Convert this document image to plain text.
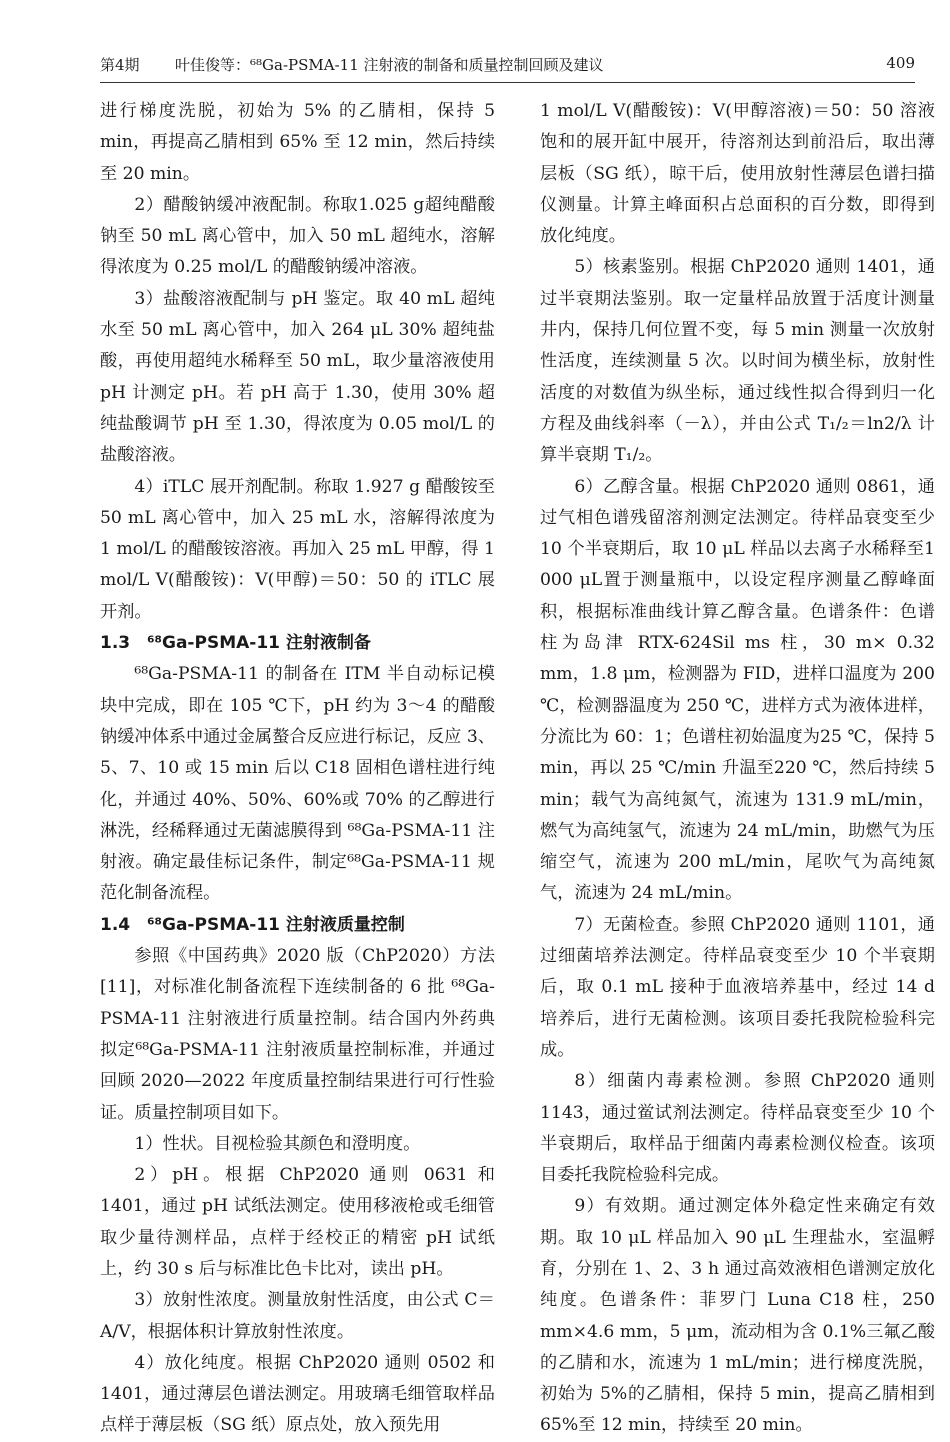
第4期 叶佳俊等：⁶⁸Ga-PSMA-11 注射液的制备和质量控制回顾及建议	409

进行梯度洗脱，初始为 5% 的乙腈相，保持 5 min，再提高乙腈相到 65% 至 12 min，然后持续至 20 min。

2）醋酸钠缓冲液配制。称取1.025 g超纯醋酸钠至 50 mL 离心管中，加入 50 mL 超纯水，溶解得浓度为 0.25 mol/L 的醋酸钠缓冲溶液。

3）盐酸溶液配制与 pH 鉴定。取 40 mL 超纯水至 50 mL 离心管中，加入 264 μL 30% 超纯盐酸，再使用超纯水稀释至 50 mL，取少量溶液使用 pH 计测定 pH。若 pH 高于 1.30，使用 30% 超纯盐酸调节 pH 至 1.30，得浓度为 0.05 mol/L 的盐酸溶液。

4）iTLC 展开剂配制。称取 1.927 g 醋酸铵至 50 mL 离心管中，加入 25 mL 水，溶解得浓度为 1 mol/L 的醋酸铵溶液。再加入 25 mL 甲醇，得 1 mol/L V(醋酸铵)：V(甲醇)＝50：50 的 iTLC 展开剂。

1.3　⁶⁸Ga-PSMA-11 注射液制备

⁶⁸Ga-PSMA-11 的制备在 ITM 半自动标记模块中完成，即在 105 ℃下，pH 约为 3～4 的醋酸钠缓冲体系中通过金属螯合反应进行标记，反应 3、5、7、10 或 15 min 后以 C18 固相色谱柱进行纯化，并通过 40%、50%、60%或 70% 的乙醇进行淋洗，经稀释通过无菌滤膜得到 ⁶⁸Ga-PSMA-11 注射液。确定最佳标记条件，制定⁶⁸Ga-PSMA-11 规范化制备流程。

1.4　⁶⁸Ga-PSMA-11 注射液质量控制

参照《中国药典》2020 版（ChP2020）方法[11]，对标准化制备流程下连续制备的 6 批 ⁶⁸Ga-PSMA-11 注射液进行质量控制。结合国内外药典拟定⁶⁸Ga-PSMA-11 注射液质量控制标准，并通过回顾 2020—2022 年度质量控制结果进行可行性验证。质量控制项目如下。

1）性状。目视检验其颜色和澄明度。

2）pH。根据 ChP2020 通则 0631 和 1401，通过 pH 试纸法测定。使用移液枪或毛细管取少量待测样品，点样于经校正的精密 pH 试纸上，约 30 s 后与标准比色卡比对，读出 pH。

3）放射性浓度。测量放射性活度，由公式 C＝A/V，根据体积计算放射性浓度。

4）放化纯度。根据 ChP2020 通则 0502 和 1401，通过薄层色谱法测定。用玻璃毛细管取样品点样于薄层板（SG 纸）原点处，放入预先用

1 mol/L V(醋酸铵)：V(甲醇溶液)＝50：50 溶液饱和的展开缸中展开，待溶剂达到前沿后，取出薄层板（SG 纸），晾干后，使用放射性薄层色谱扫描仪测量。计算主峰面积占总面积的百分数，即得到放化纯度。

5）核素鉴别。根据 ChP2020 通则 1401，通过半衰期法鉴别。取一定量样品放置于活度计测量井内，保持几何位置不变，每 5 min 测量一次放射性活度，连续测量 5 次。以时间为横坐标，放射性活度的对数值为纵坐标，通过线性拟合得到归一化方程及曲线斜率（－λ），并由公式 T₁/₂＝ln2/λ 计算半衰期 T₁/₂。

6）乙醇含量。根据 ChP2020 通则 0861，通过气相色谱残留溶剂测定法测定。待样品衰变至少 10 个半衰期后，取 10 μL 样品以去离子水稀释至1 000 μL置于测量瓶中，以设定程序测量乙醇峰面积，根据标准曲线计算乙醇含量。色谱条件：色谱柱为岛津 RTX-624Sil ms 柱，30 m× 0.32 mm，1.8 μm，检测器为 FID，进样口温度为 200 ℃，检测器温度为 250 ℃，进样方式为液体进样，分流比为 60：1；色谱柱初始温度为25 ℃，保持 5 min，再以 25 ℃/min 升温至220 ℃，然后持续 5 min；载气为高纯氮气，流速为 131.9 mL/min，燃气为高纯氢气，流速为 24 mL/min，助燃气为压缩空气，流速为 200 mL/min，尾吹气为高纯氮气，流速为 24 mL/min。

7）无菌检查。参照 ChP2020 通则 1101，通过细菌培养法测定。待样品衰变至少 10 个半衰期后，取 0.1 mL 接种于血液培养基中，经过 14 d 培养后，进行无菌检测。该项目委托我院检验科完成。

8）细菌内毒素检测。参照 ChP2020 通则 1143，通过鲎试剂法测定。待样品衰变至少 10 个半衰期后，取样品于细菌内毒素检测仪检查。该项目委托我院检验科完成。

9）有效期。通过测定体外稳定性来确定有效期。取 10 μL 样品加入 90 μL 生理盐水，室温孵育，分别在 1、2、3 h 通过高效液相色谱测定放化纯度。色谱条件：菲罗门 Luna C18 柱，250 mm×4.6 mm，5 μm，流动相为含 0.1%三氟乙酸的乙腈和水，流速为 1 mL/min；进行梯度洗脱，初始为 5%的乙腈相，保持 5 min，提高乙腈相到 65%至 12 min，持续至 20 min。
